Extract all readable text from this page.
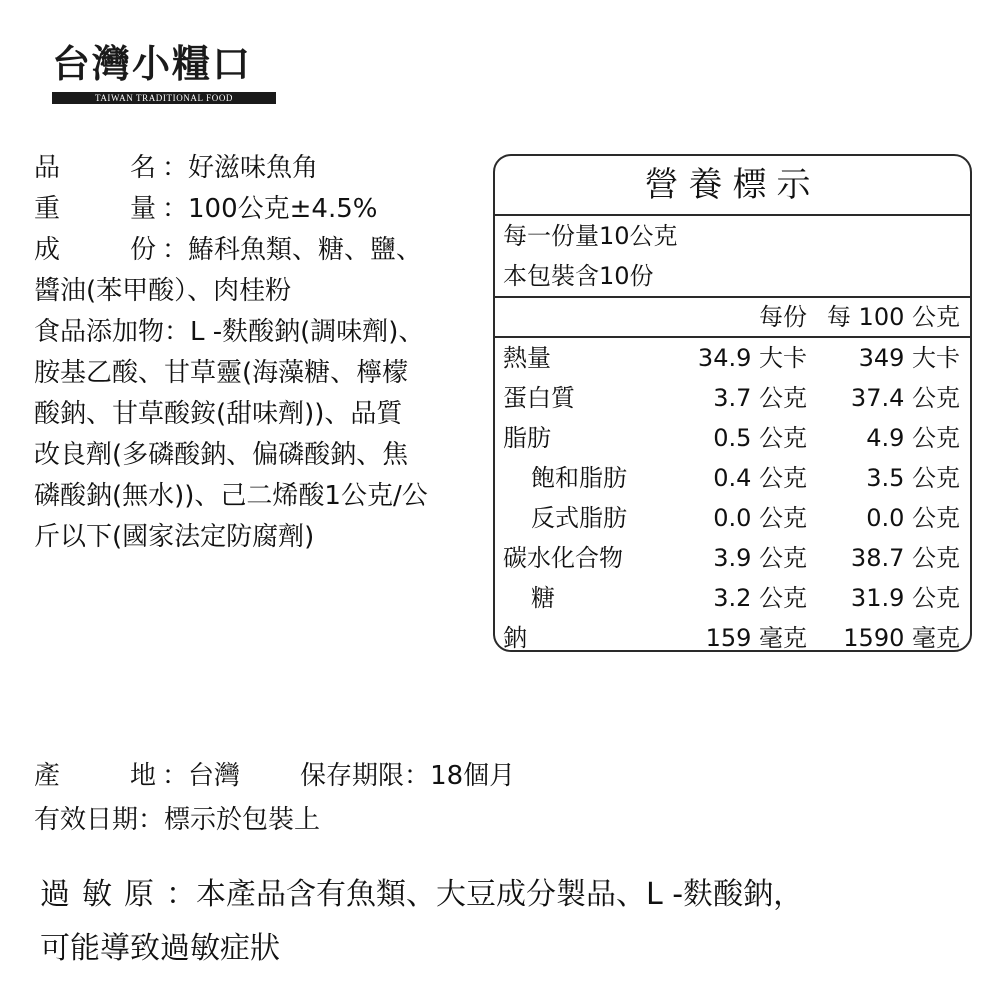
台灣小糧口
TAIWAN TRADITIONAL FOOD
品	名 ：好滋味魚角
重	量 ：100公克±4.5%
成	份 ：鰆科魚類、糖、鹽、
醬油(苯甲酸）、肉桂粉
食品添加物：L -麩酸鈉(調味劑)、
胺基乙酸、甘草靈(海藻糖、檸檬
酸鈉、甘草酸銨(甜味劑))、品質
改良劑(多磷酸鈉、偏磷酸鈉、焦
磷酸鈉(無水))、己二烯酸1公克/公
斤以下(國家法定防腐劑)
營養標示
每一份量10公克
本包裝含10份
每份 每 100 公克
熱量	34.9 大卡 349 大卡
蛋白質	3.7 公克 37.4 公克
脂肪	0.5 公克 4.9 公克
飽和脂肪	0.4 公克 3.5 公克
反式脂肪	0.0 公克 0.0 公克
碳水化合物	3.9 公克 38.7 公克
糖	3.2 公克 31.9 公克
鈉	159 毫克 1590 毫克
產	地 ：台灣 保存期限：18個月
有效日期：標示於包裝上
過敏原：本產品含有魚類、大豆成分製品、L -麩酸鈉，
可能導致過敏症狀
